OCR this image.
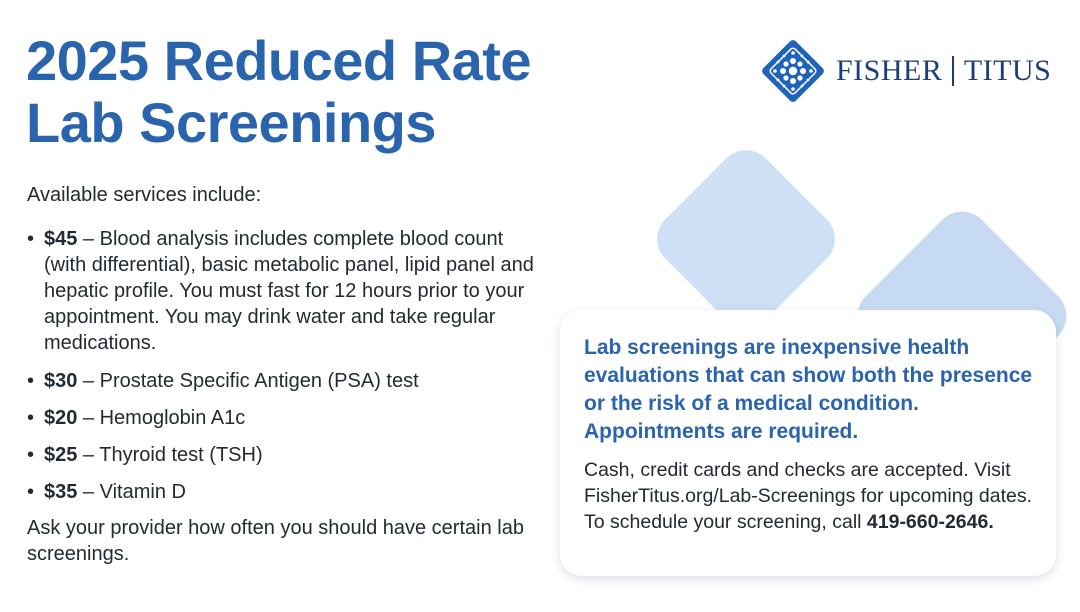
2025 Reduced Rate
Lab Screenings
FISHER TITUS

Available services include:

• $45 – Blood analysis includes complete blood count (with differential), basic metabolic panel, lipid panel and hepatic profile. You must fast for 12 hours prior to your appointment. You may drink water and take regular medications.
• $30 – Prostate Specific Antigen (PSA) test
• $20 – Hemoglobin A1c
• $25 – Thyroid test (TSH)
• $35 – Vitamin D

Ask your provider how often you should have certain lab screenings.

Lab screenings are inexpensive health evaluations that can show both the presence or the risk of a medical condition. Appointments are required.

Cash, credit cards and checks are accepted. Visit FisherTitus.org/Lab-Screenings for upcoming dates. To schedule your screening, call 419-660-2646.
